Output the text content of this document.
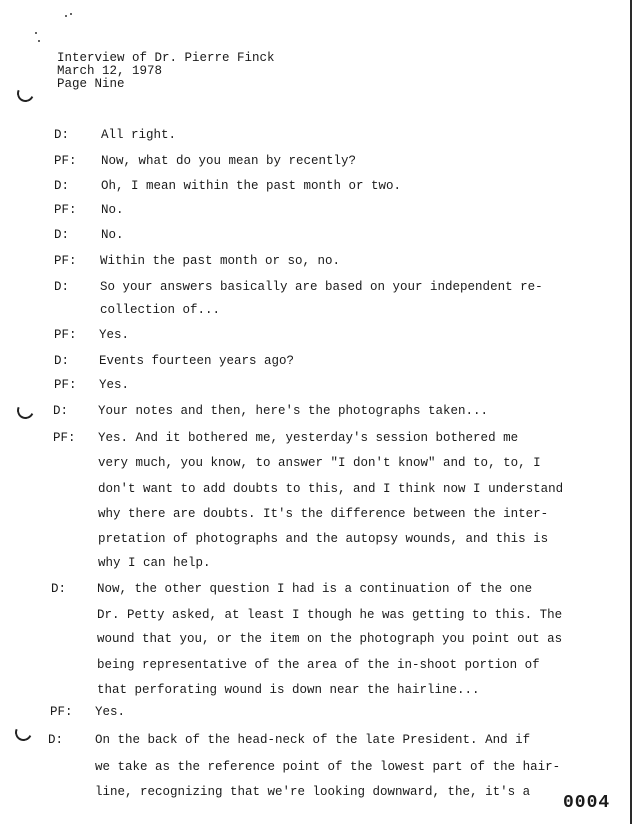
Interview of Dr. Pierre Finck
March 12, 1978
Page Nine
D:	All right.
PF: Now, what do you mean by recently?
D:	Oh, I mean within the past month or two.
PF: No.
D:	No.
PF: Within the past month or so, no.
D: So your answers basically are based on your independent re-
collection of...
PF: Yes.
D: Events fourteen years ago?
PF: Yes.
D: Your notes and then, here's the photographs taken...
PF: Yes. And it bothered me, yesterday's session bothered me
very much, you know, to answer "I don't know" and to, to, I
don't want to add doubts to this, and I think now I understand
why there are doubts. It's the difference between the inter-
pretation of photographs and the autopsy wounds, and this is
why I can help.
D: Now, the other question I had is a continuation of the one
Dr. Petty asked, at least I though he was getting to this. The
wound that you, or the item on the photograph you point out as
being representative of the area of the in-shoot portion of
that perforating wound is down near the hairline...
PF: Yes.
D:	On the back of the head-neck of the late President. And if
we take as the reference point of the lowest part of the hair-
line, recognizing that we're looking downward, the, it's a
0004
